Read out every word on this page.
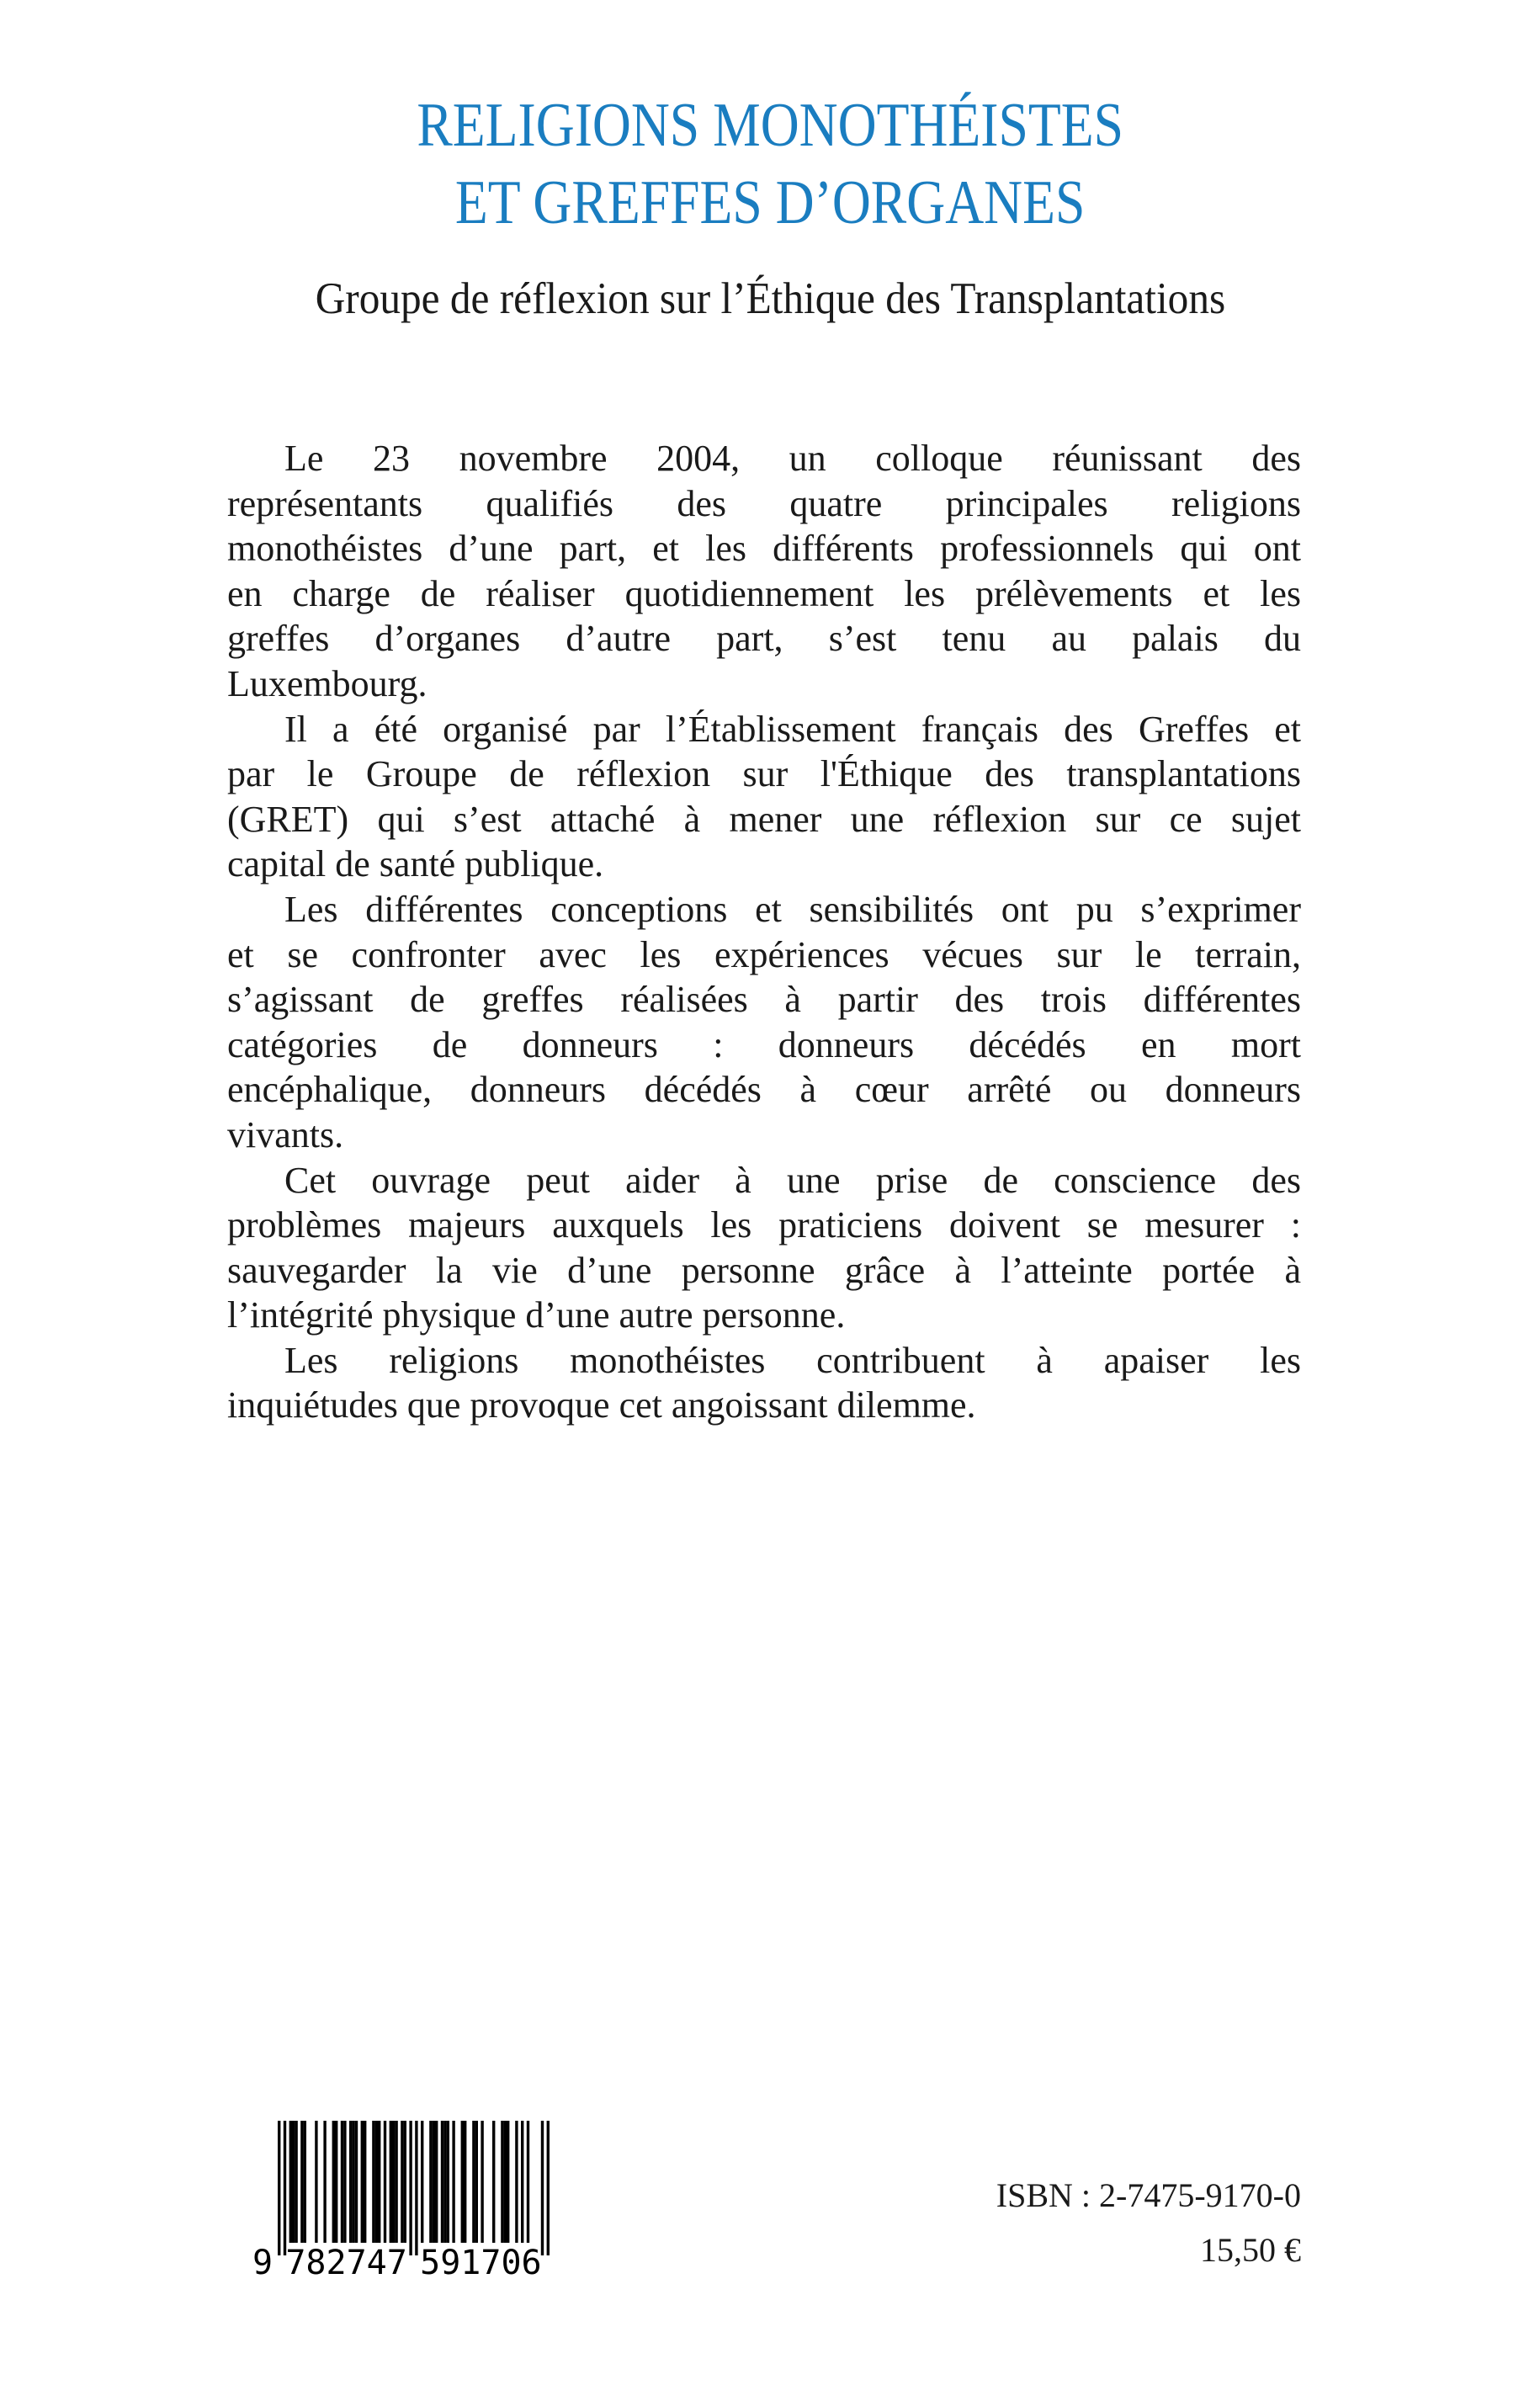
RELIGIONS MONOTHÉISTES
ET GREFFES D’ORGANES
Groupe de réflexion sur l’Éthique des Transplantations
Le 23 novembre 2004, un colloque réunissant des
représentants qualifiés des quatre principales religions
monothéistes d’une part, et les différents professionnels qui ont
en charge de réaliser quotidiennement les prélèvements et les
greffes d’organes d’autre part, s’est tenu au palais du
Luxembourg.
Il a été organisé par l’Établissement français des Greffes et
par le Groupe de réflexion sur l'Éthique des transplantations
(GRET) qui s’est attaché à mener une réflexion sur ce sujet
capital de santé publique.
Les différentes conceptions et sensibilités ont pu s’exprimer
et se confronter avec les expériences vécues sur le terrain,
s’agissant de greffes réalisées à partir des trois différentes
catégories de donneurs : donneurs décédés en mort
encéphalique, donneurs décédés à cœur arrêté ou donneurs
vivants.
Cet ouvrage peut aider à une prise de conscience des
problèmes majeurs auxquels les praticiens doivent se mesurer :
sauvegarder la vie d’une personne grâce à l’atteinte portée à
l’intégrité physique d’une autre personne.
Les religions monothéistes contribuent à apaiser les
inquiétudes que provoque cet angoissant dilemme.
9 782747 591706
ISBN : 2-7475-9170-0
15,50 €
